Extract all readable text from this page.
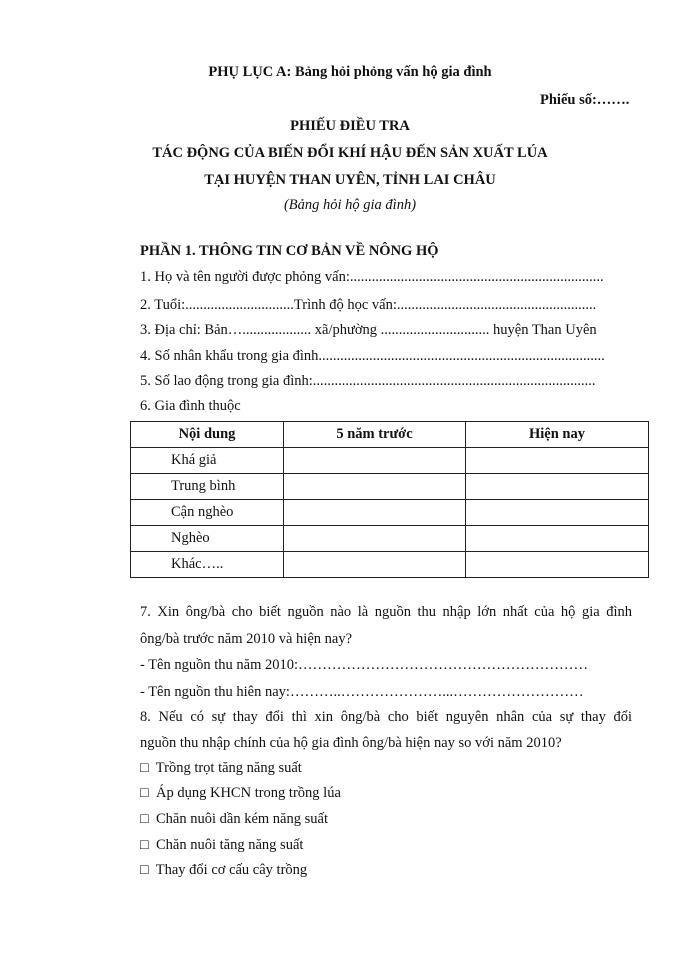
PHỤ LỤC A: Bảng hỏi phỏng vấn hộ gia đình
Phiếu số:…….
PHIẾU ĐIỀU TRA
TÁC ĐỘNG CỦA BIẾN ĐỔI KHÍ HẬU ĐẾN SẢN XUẤT LÚA
TẠI HUYỆN THAN UYÊN, TỈNH LAI CHÂU
(Bảng hỏi hộ gia đình)
PHẦN 1. THÔNG TIN CƠ BẢN VỀ NÔNG HỘ
1. Họ và tên người được phỏng vấn:......................................................................
2. Tuổi:..............................Trình độ học vấn:.......................................................
3. Địa chỉ: Bản…................... xã/phường .............................. huyện Than Uyên
4. Số nhân khẩu trong gia đình...............................................................................
5. Số lao động trong gia đình:..............................................................................
6. Gia đình thuộc
Nội dung	5 năm trước	Hiện nay
Khá giả		
Trung bình		
Cận nghèo		
Nghèo		
Khác…..		
7. Xin ông/bà cho biết nguồn nào là nguồn thu nhập lớn nhất của hộ gia đình
ông/bà trước năm 2010 và hiện nay?
- Tên nguồn thu năm 2010:……………………………………………………
- Tên nguồn thu hiên nay:………..…………………...………………………
8. Nếu có sự thay đổi thì xin ông/bà cho biết nguyên nhân của sự thay đổi
nguồn thu nhập chính của hộ gia đình ông/bà hiện nay so với năm 2010?
□ Trồng trọt tăng năng suất
□ Áp dụng KHCN trong trồng lúa
□ Chăn nuôi dần kém năng suất
□ Chăn nuôi tăng năng suất
□ Thay đổi cơ cấu cây trồng
